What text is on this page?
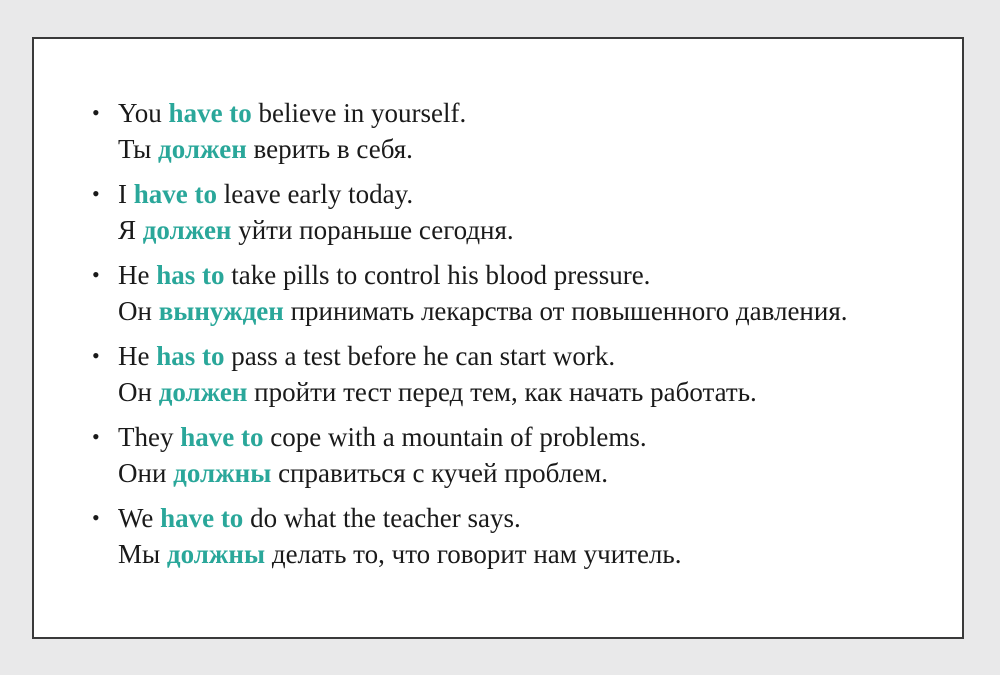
• You have to believe in yourself.
Ты должен верить в себя.
• I have to leave early today.
Я должен уйти пораньше сегодня.
• He has to take pills to control his blood pressure.
Он вынужден принимать лекарства от повышенного давления.
• He has to pass a test before he can start work.
Он должен пройти тест перед тем, как начать работать.
• They have to cope with a mountain of problems.
Они должны справиться с кучей проблем.
• We have to do what the teacher says.
Мы должны делать то, что говорит нам учитель.
